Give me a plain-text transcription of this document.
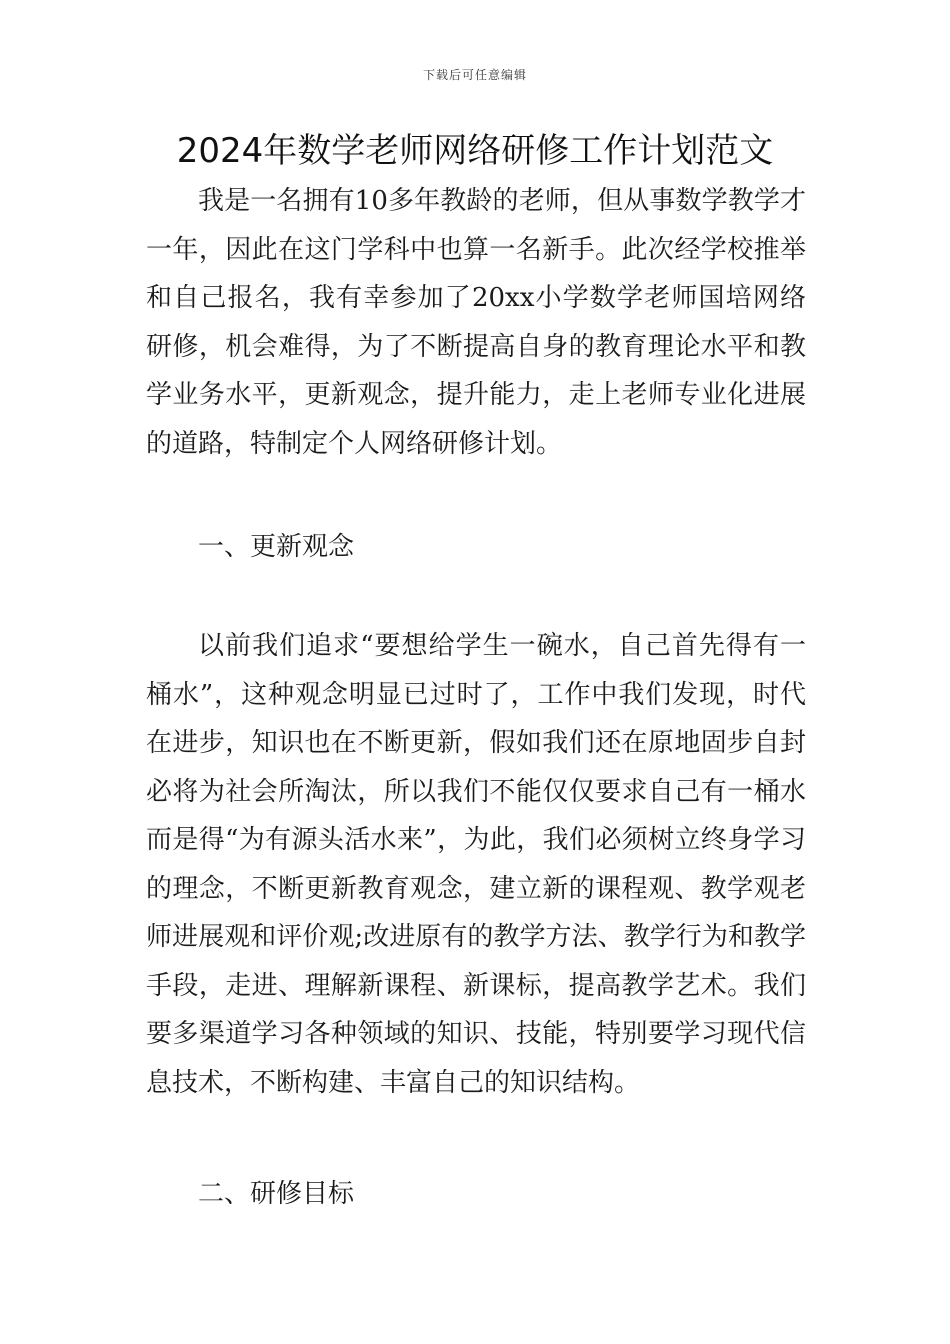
下载后可任意编辑
2024年数学老师网络研修工作计划范文

我是一名拥有10多年教龄的老师，但从事数学教学才一年，因此在这门学科中也算一名新手。此次经学校推举和自己报名，我有幸参加了20xx小学数学老师国培网络研修，机会难得，为了不断提高自身的教育理论水平和教学业务水平，更新观念，提升能力，走上老师专业化进展的道路，特制定个人网络研修计划。

一、更新观念

以前我们追求“要想给学生一碗水，自己首先得有一桶水”，这种观念明显已过时了，工作中我们发现，时代在进步，知识也在不断更新，假如我们还在原地固步自封必将为社会所淘汰，所以我们不能仅仅要求自己有一桶水而是得“为有源头活水来”，为此，我们必须树立终身学习的理念，不断更新教育观念，建立新的课程观、教学观老师进展观和评价观;改进原有的教学方法、教学行为和教学手段，走进、理解新课程、新课标，提高教学艺术。我们要多渠道学习各种领域的知识、技能，特别要学习现代信息技术，不断构建、丰富自己的知识结构。

二、研修目标
